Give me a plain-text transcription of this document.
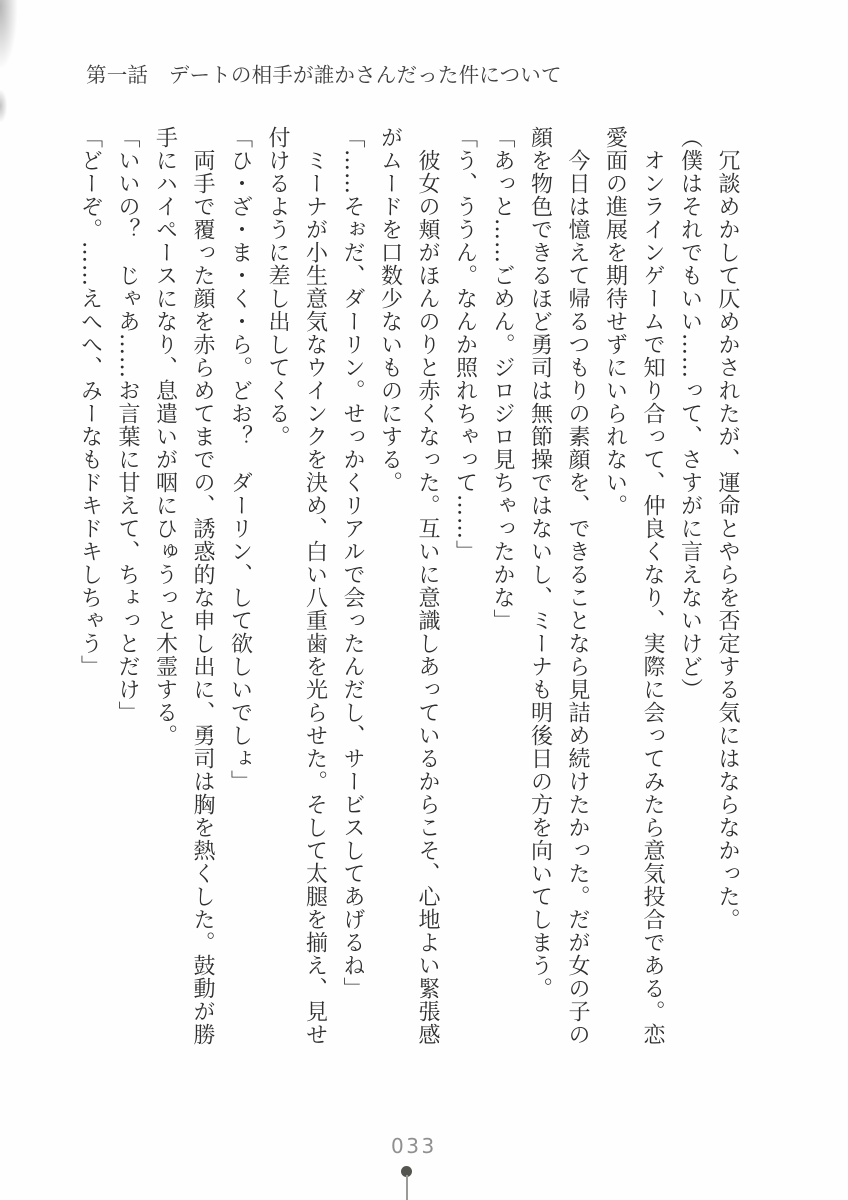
第一話　デートの相手が誰かさんだった件について

　冗談めかして仄めかされたが、運命とやらを否定する気にはならなかった。

（僕はそれでもいい……って、さすがに言えないけど）

　オンラインゲームで知り合って、仲良くなり、実際に会ってみたら意気投合である。恋

愛面の進展を期待せずにいられない。

　今日は憶えて帰るつもりの素顔を、できることなら見詰め続けたかった。だが女の子の

顔を物色できるほど勇司は無節操ではないし、ミーナも明後日の方を向いてしまう。

「あっと……ごめん。ジロジロ見ちゃったかな」

「う、ううん。なんか照れちゃって……」

　彼女の頬がほんのりと赤くなった。互いに意識しあっているからこそ、心地よい緊張感

がムードを口数少ないものにする。

「……そぉだ、ダーリン。せっかくリアルで会ったんだし、サービスしてあげるね」

　ミーナが小生意気なウインクを決め、白い八重歯を光らせた。そして太腿を揃え、見せ

付けるように差し出してくる。

「ひ・ざ・ま・く・ら。どお？　ダーリン、して欲しいでしょ」

　両手で覆った顔を赤らめてまでの、誘惑的な申し出に、勇司は胸を熱くした。鼓動が勝

手にハイペースになり、息遣いが咽にひゅうっと木霊する。

「いいの？　じゃあ……お言葉に甘えて、ちょっとだけ」

「どーぞ。……えへへ、みーなもドキドキしちゃう」

033
